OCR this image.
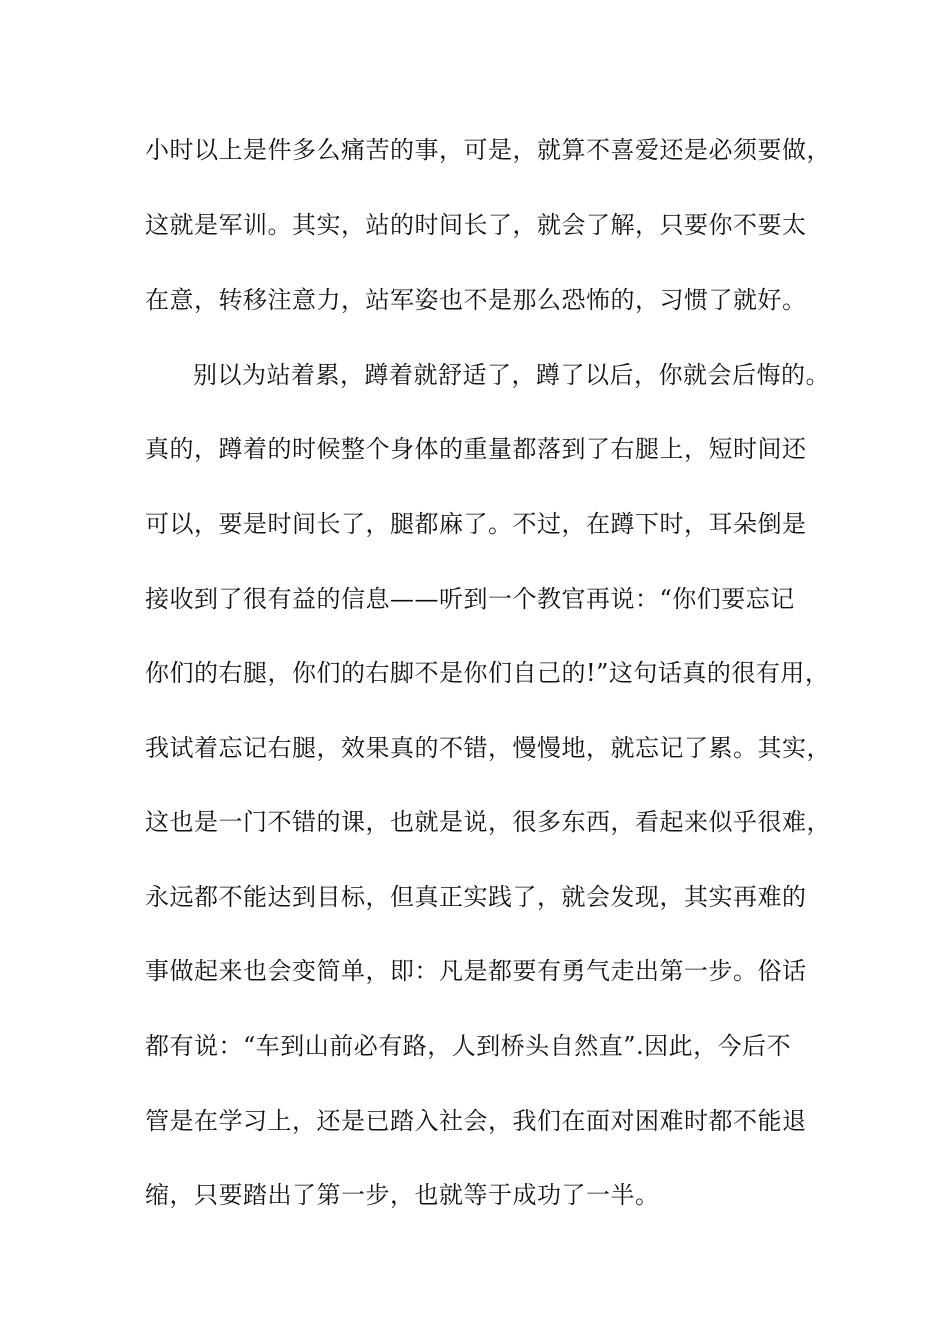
小时以上是件多么痛苦的事，可是，就算不喜爱还是必须要做，
这就是军训。其实，站的时间长了，就会了解，只要你不要太
在意，转移注意力，站军姿也不是那么恐怖的，习惯了就好。
别以为站着累，蹲着就舒适了，蹲了以后，你就会后悔的。
真的，蹲着的时候整个身体的重量都落到了右腿上，短时间还
可以，要是时间长了，腿都麻了。不过，在蹲下时，耳朵倒是
接收到了很有益的信息——听到一个教官再说：“你们要忘记
你们的右腿，你们的右脚不是你们自己的!”这句话真的很有用，
我试着忘记右腿，效果真的不错，慢慢地，就忘记了累。其实，
这也是一门不错的课，也就是说，很多东西，看起来似乎很难，
永远都不能达到目标，但真正实践了，就会发现，其实再难的
事做起来也会变简单，即：凡是都要有勇气走出第一步。俗话
都有说：“车到山前必有路，人到桥头自然直”.因此，今后不
管是在学习上，还是已踏入社会，我们在面对困难时都不能退
缩，只要踏出了第一步，也就等于成功了一半。
